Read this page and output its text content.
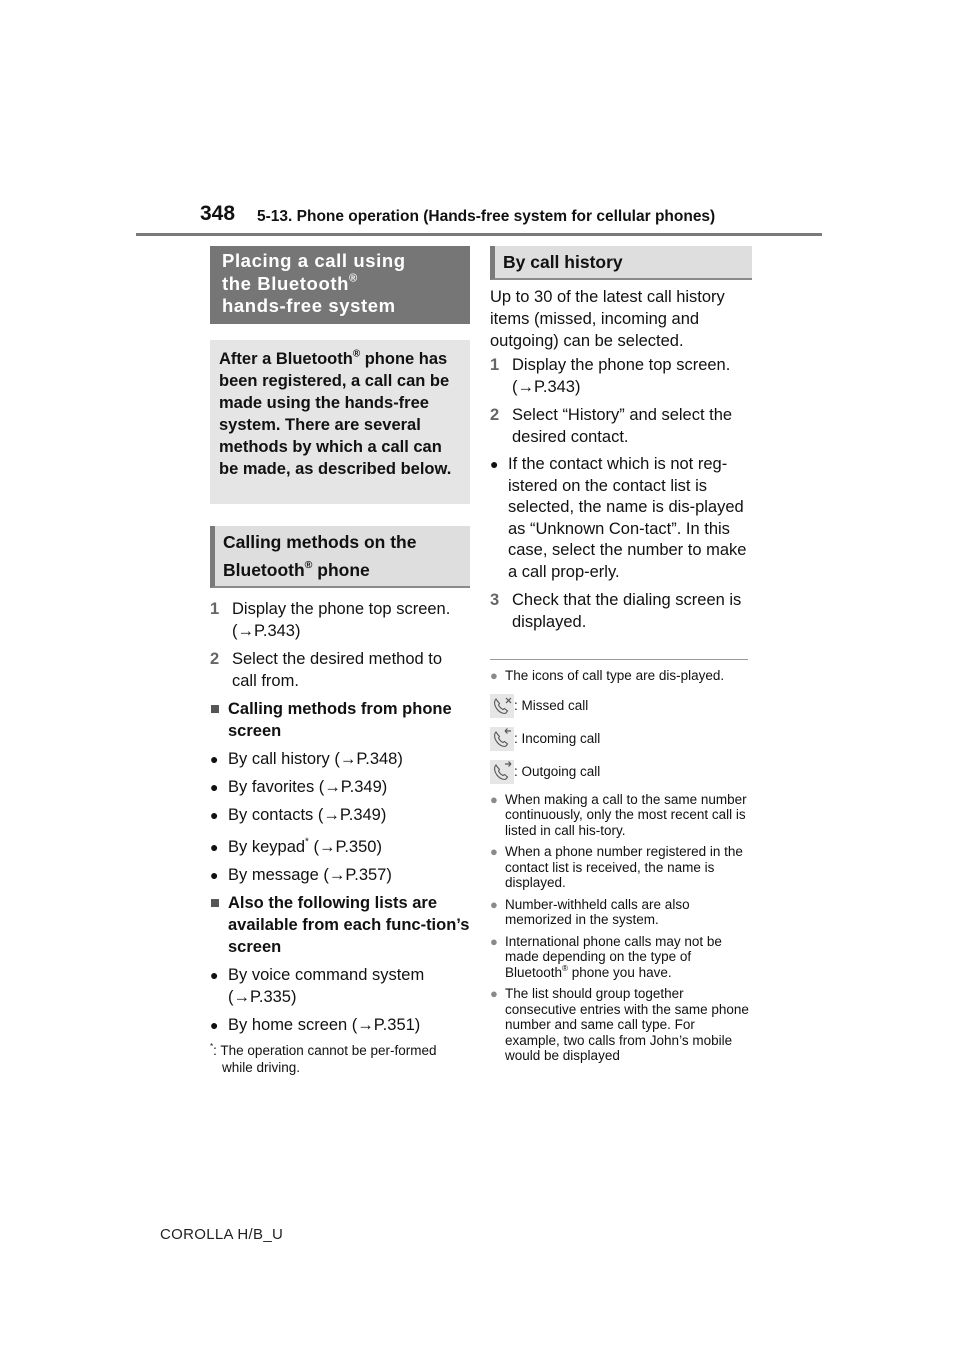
348 5-13. Phone operation (Hands-free system for cellular phones)
Placing a call using
the Bluetooth®
hands-free system
After a Bluetooth® phone has been registered, a call can be made using the hands-free system. There are several methods by which a call can be made, as described below.
Calling methods on the
Bluetooth® phone
1 Display the phone top screen. (→P.343)
2 Select the desired method to call from.
■ Calling methods from phone screen
● By call history (→P.348)
● By favorites (→P.349)
● By contacts (→P.349)
● By keypad* (→P.350)
● By message (→P.357)
■ Also the following lists are available from each func-tion’s screen
● By voice command system (→P.335)
● By home screen (→P.351)
*: The operation cannot be per-formed while driving.
By call history
Up to 30 of the latest call history items (missed, incoming and outgoing) can be selected.
1 Display the phone top screen. (→P.343)
2 Select “History” and select the desired contact.
● If the contact which is not reg-istered on the contact list is selected, the name is dis-played as “Unknown Con-tact”. In this case, select the number to make a call prop-erly.
3 Check that the dialing screen is displayed.
● The icons of call type are dis-played.
: Missed call
: Incoming call
: Outgoing call
● When making a call to the same number continuously, only the most recent call is listed in call his-tory.
● When a phone number registered in the contact list is received, the name is displayed.
● Number-withheld calls are also memorized in the system.
● International phone calls may not be made depending on the type of Bluetooth® phone you have.
● The list should group together consecutive entries with the same phone number and same call type. For example, two calls from John’s mobile would be displayed
COROLLA H/B_U
